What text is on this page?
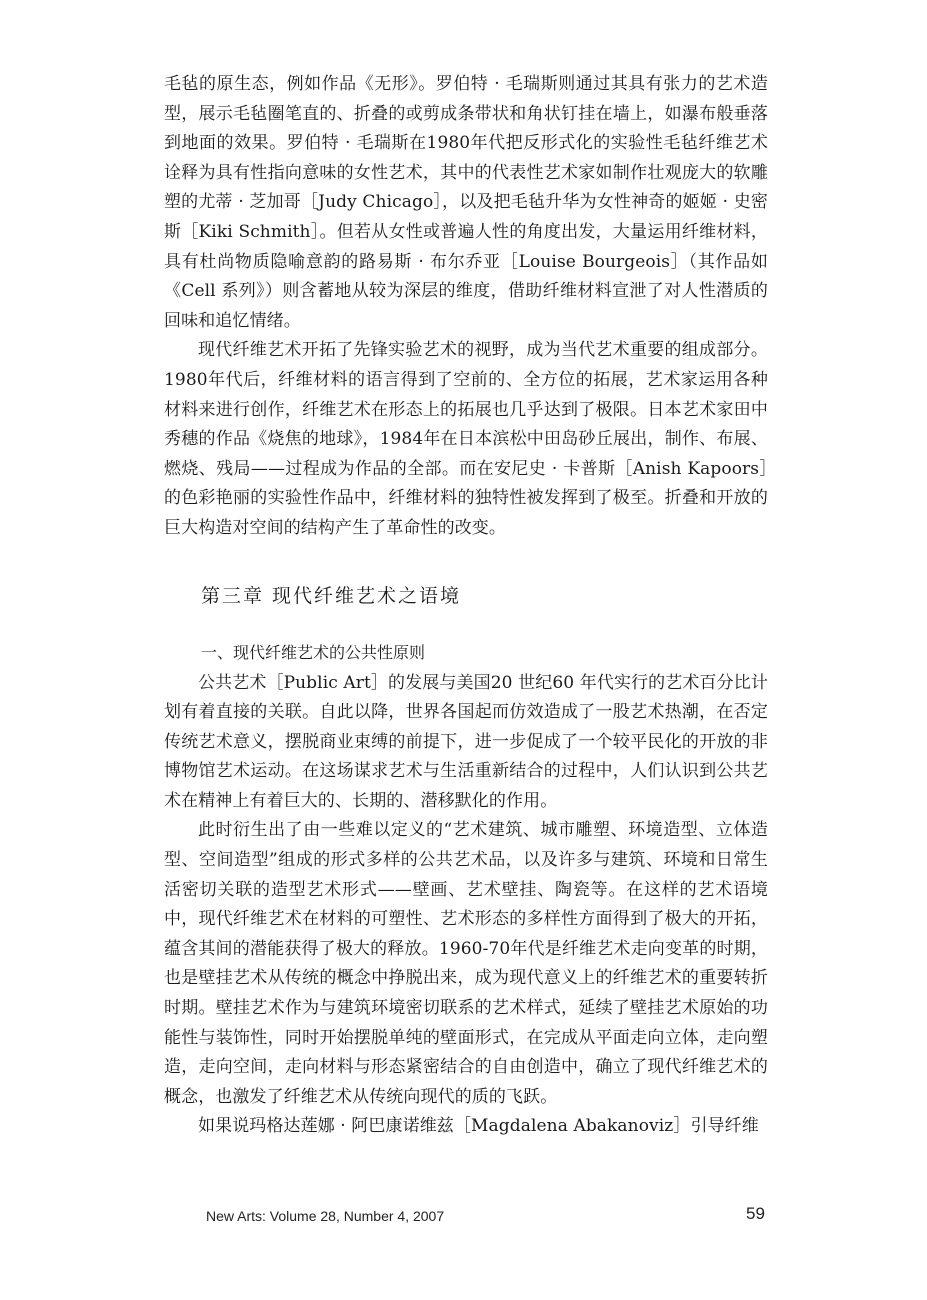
毛毡的原生态，例如作品《无形》。罗伯特 · 毛瑞斯则通过其具有张力的艺术造型，展示毛毡圈笔直的、折叠的或剪成条带状和角状钉挂在墙上，如瀑布般垂落到地面的效果。罗伯特 · 毛瑞斯在1980年代把反形式化的实验性毛毡纤维艺术诠释为具有性指向意味的女性艺术，其中的代表性艺术家如制作壮观庞大的软雕塑的尤蒂 · 芝加哥［Judy Chicago］，以及把毛毡升华为女性神奇的姬姬 · 史密斯［Kiki Schmith］。但若从女性或普遍人性的角度出发，大量运用纤维材料，具有杜尚物质隐喻意韵的路易斯 · 布尔乔亚［Louise Bourgeois］（其作品如《Cell 系列》）则含蓄地从较为深层的维度，借助纤维材料宣泄了对人性潜质的回味和追忆情绪。

现代纤维艺术开拓了先锋实验艺术的视野，成为当代艺术重要的组成部分。1980年代后，纤维材料的语言得到了空前的、全方位的拓展，艺术家运用各种材料来进行创作，纤维艺术在形态上的拓展也几乎达到了极限。日本艺术家田中秀穗的作品《烧焦的地球》，1984年在日本滨松中田岛砂丘展出，制作、布展、燃烧、残局——过程成为作品的全部。而在安尼史 · 卡普斯［Anish Kapoors］的色彩艳丽的实验性作品中，纤维材料的独特性被发挥到了极至。折叠和开放的巨大构造对空间的结构产生了革命性的改变。

第三章 现代纤维艺术之语境
一、现代纤维艺术的公共性原则

公共艺术［Public Art］的发展与美国20 世纪60 年代实行的艺术百分比计划有着直接的关联。自此以降，世界各国起而仿效造成了一股艺术热潮，在否定传统艺术意义，摆脱商业束缚的前提下，进一步促成了一个较平民化的开放的非博物馆艺术运动。在这场谋求艺术与生活重新结合的过程中，人们认识到公共艺术在精神上有着巨大的、长期的、潜移默化的作用。

此时衍生出了由一些难以定义的“艺术建筑、城市雕塑、环境造型、立体造型、空间造型”组成的形式多样的公共艺术品，以及许多与建筑、环境和日常生活密切关联的造型艺术形式——壁画、艺术壁挂、陶瓷等。在这样的艺术语境中，现代纤维艺术在材料的可塑性、艺术形态的多样性方面得到了极大的开拓，蕴含其间的潜能获得了极大的释放。1960-70年代是纤维艺术走向变革的时期，也是壁挂艺术从传统的概念中挣脱出来，成为现代意义上的纤维艺术的重要转折时期。壁挂艺术作为与建筑环境密切联系的艺术样式，延续了壁挂艺术原始的功能性与装饰性，同时开始摆脱单纯的壁面形式，在完成从平面走向立体，走向塑造，走向空间，走向材料与形态紧密结合的自由创造中，确立了现代纤维艺术的概念，也激发了纤维艺术从传统向现代的质的飞跃。

如果说玛格达莲娜 · 阿巴康诺维兹［Magdalena Abakanoviz］引导纤维

New Arts: Volume 28, Number 4, 2007	59
